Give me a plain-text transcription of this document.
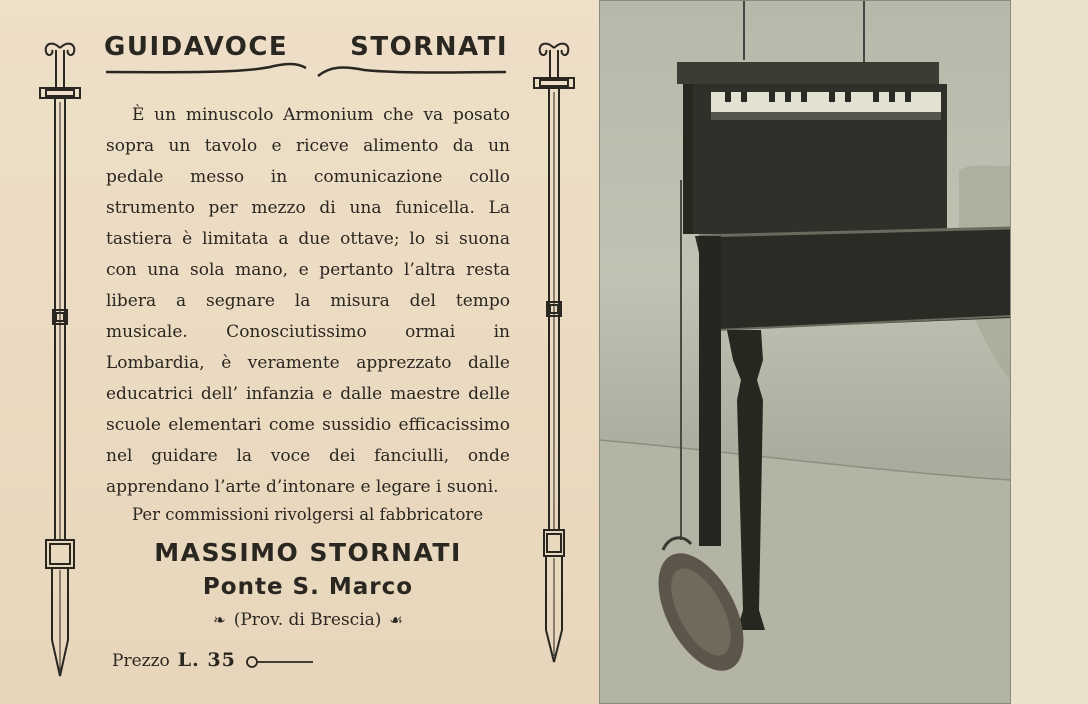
GUIDAVOCE STORNATI

È un minuscolo Armonium che va posato sopra un tavolo e riceve alimento da un pedale messo in comunicazione collo strumento per mezzo di una funicella. La tastiera è limitata a due ottave; lo si suona con una sola mano, e pertanto l’altra resta libera a segnare la misura del tempo musicale. Conosciutissimo ormai in Lombardia, è veramente apprezzato dalle educatrici dell’ infanzia e dalle maestre delle scuole elementari come sussidio efficacissimo nel guidare la voce dei fanciulli, onde apprendano l’arte d’intonare e legare i suoni.

Per commissioni rivolgersi al fabbricatore
MASSIMO STORNATI
Ponte S. Marco
❧ (Prov. di Brescia) ☙
Prezzo L. 35
